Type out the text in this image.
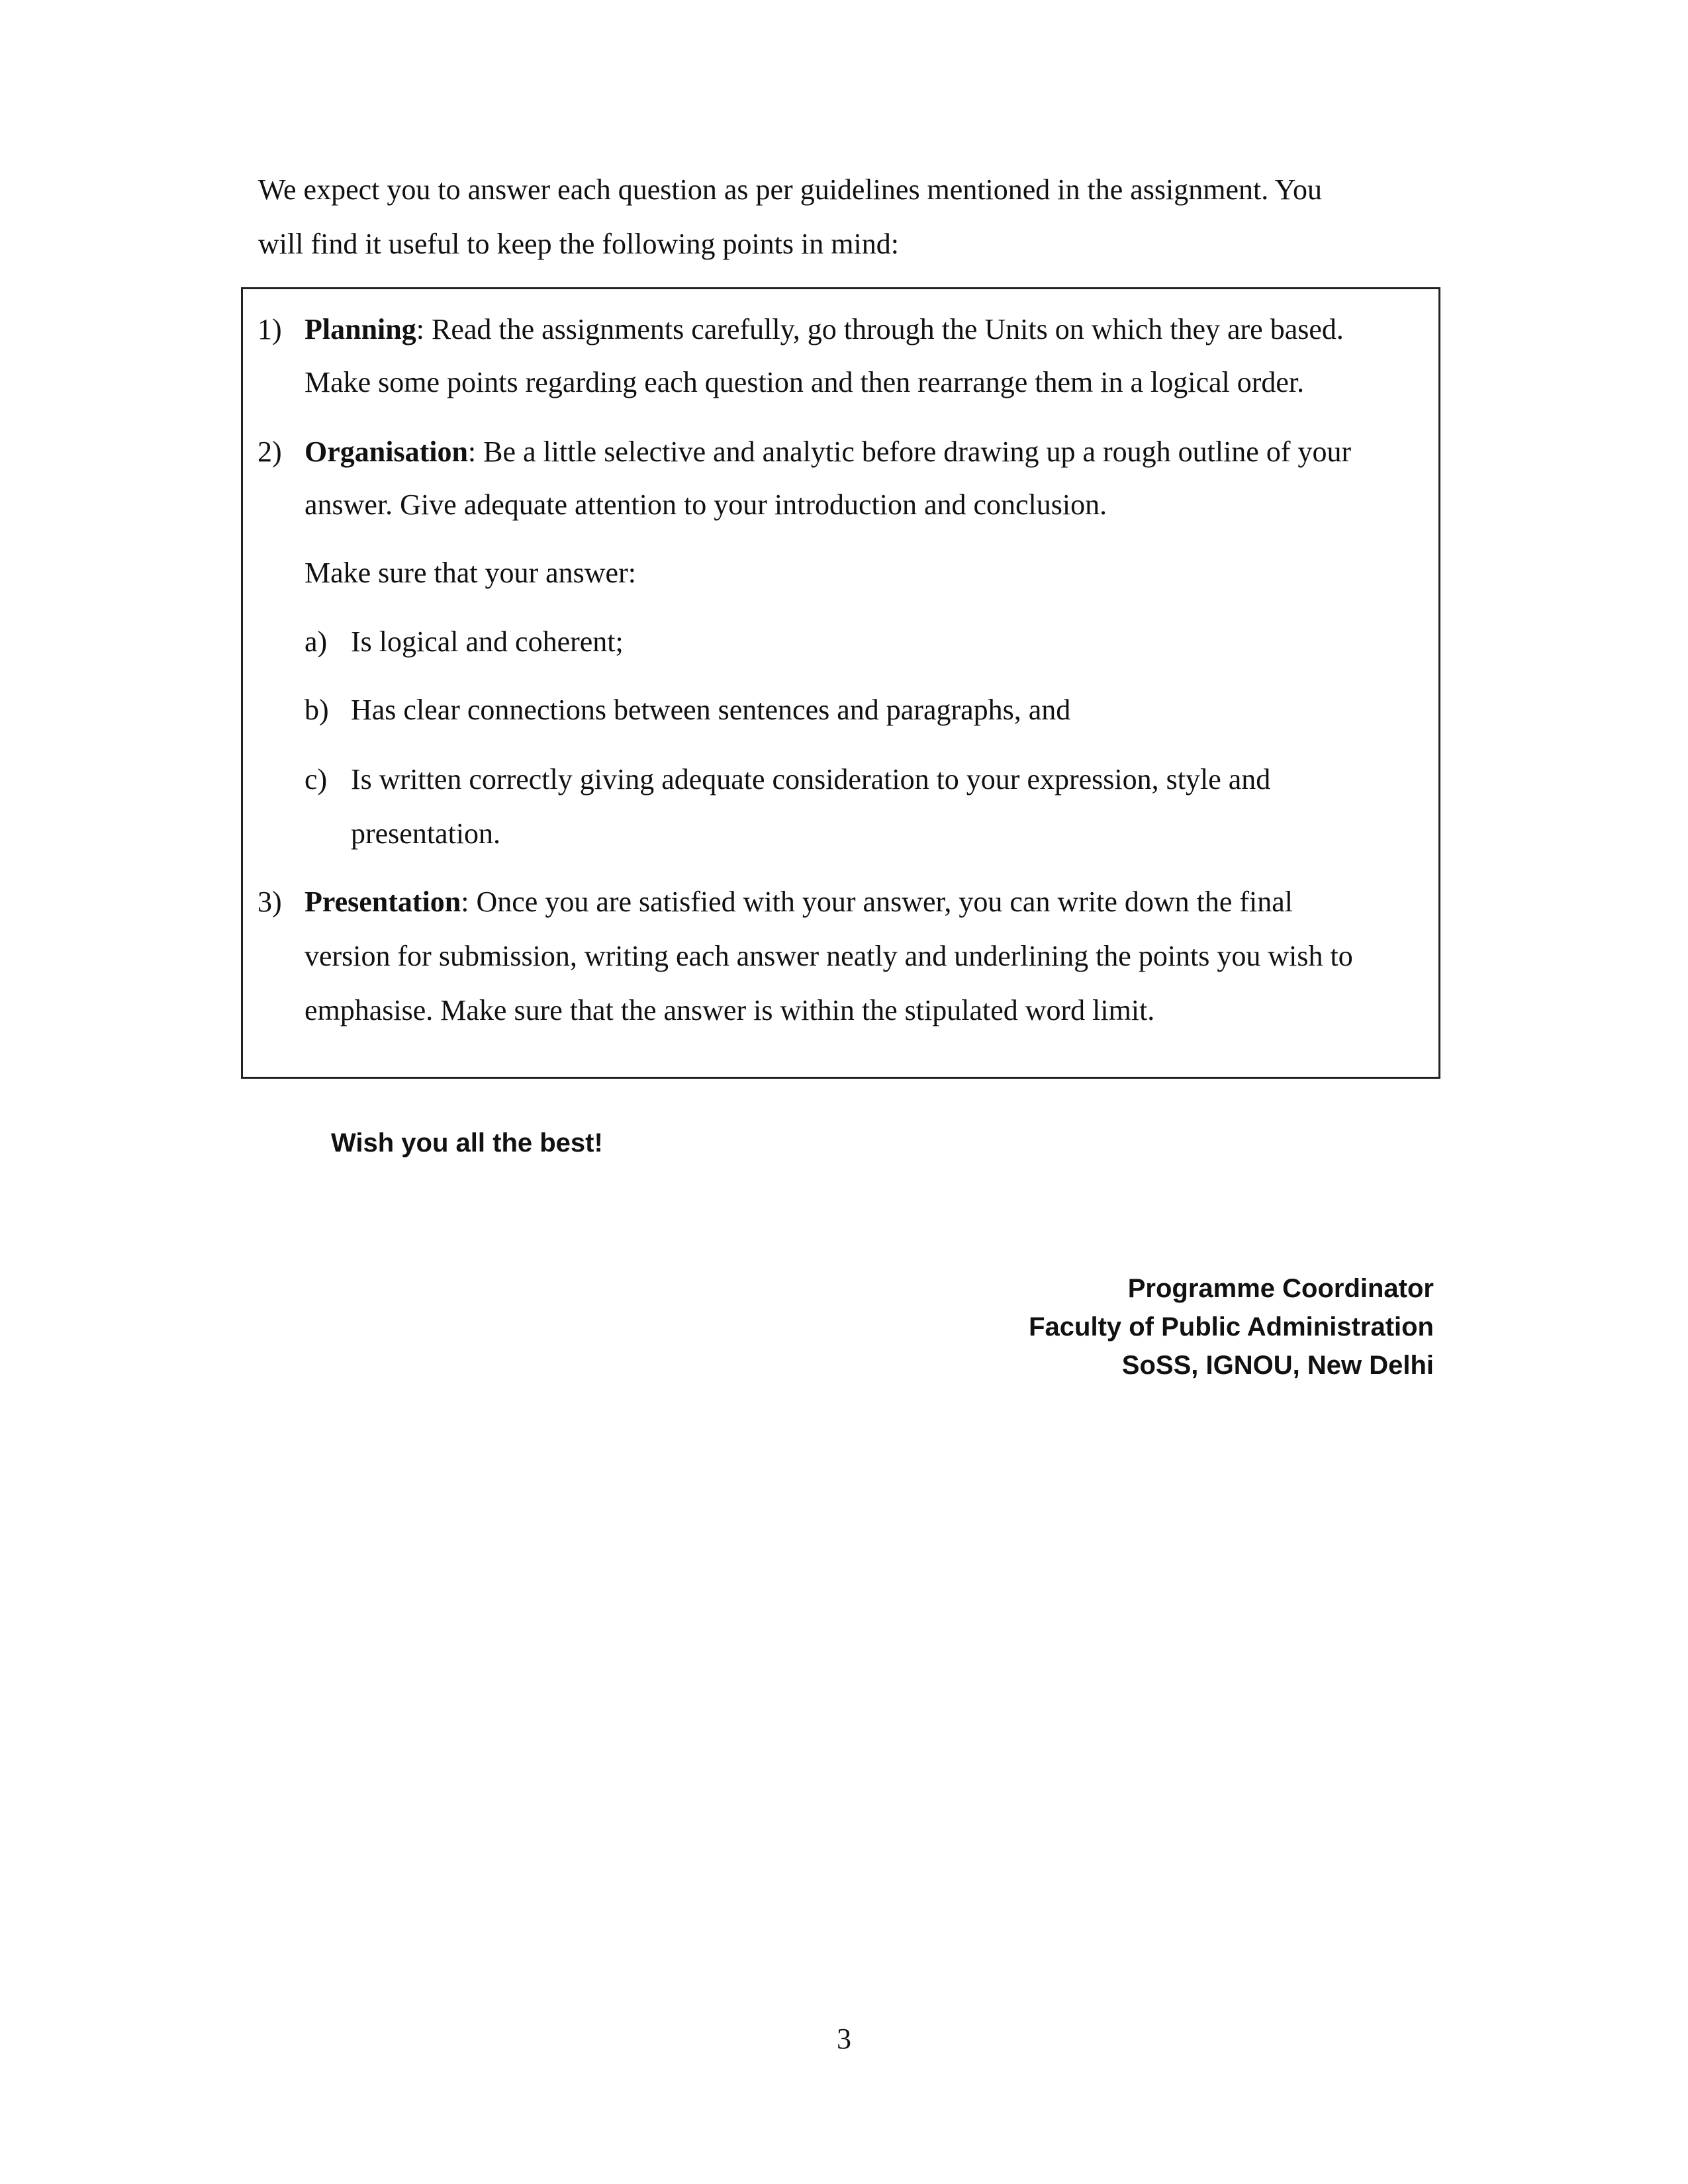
We expect you to answer each question as per guidelines mentioned in the assignment. You
will find it useful to keep the following points in mind:
1) Planning: Read the assignments carefully, go through the Units on which they are based.
Make some points regarding each question and then rearrange them in a logical order.
2) Organisation: Be a little selective and analytic before drawing up a rough outline of your
answer. Give adequate attention to your introduction and conclusion.
Make sure that your answer:
a) Is logical and coherent;
b) Has clear connections between sentences and paragraphs, and
c) Is written correctly giving adequate consideration to your expression, style and
presentation.
3) Presentation: Once you are satisfied with your answer, you can write down the final
version for submission, writing each answer neatly and underlining the points you wish to
emphasise. Make sure that the answer is within the stipulated word limit.
Wish you all the best!
Programme Coordinator
Faculty of Public Administration
SoSS, IGNOU, New Delhi
3
